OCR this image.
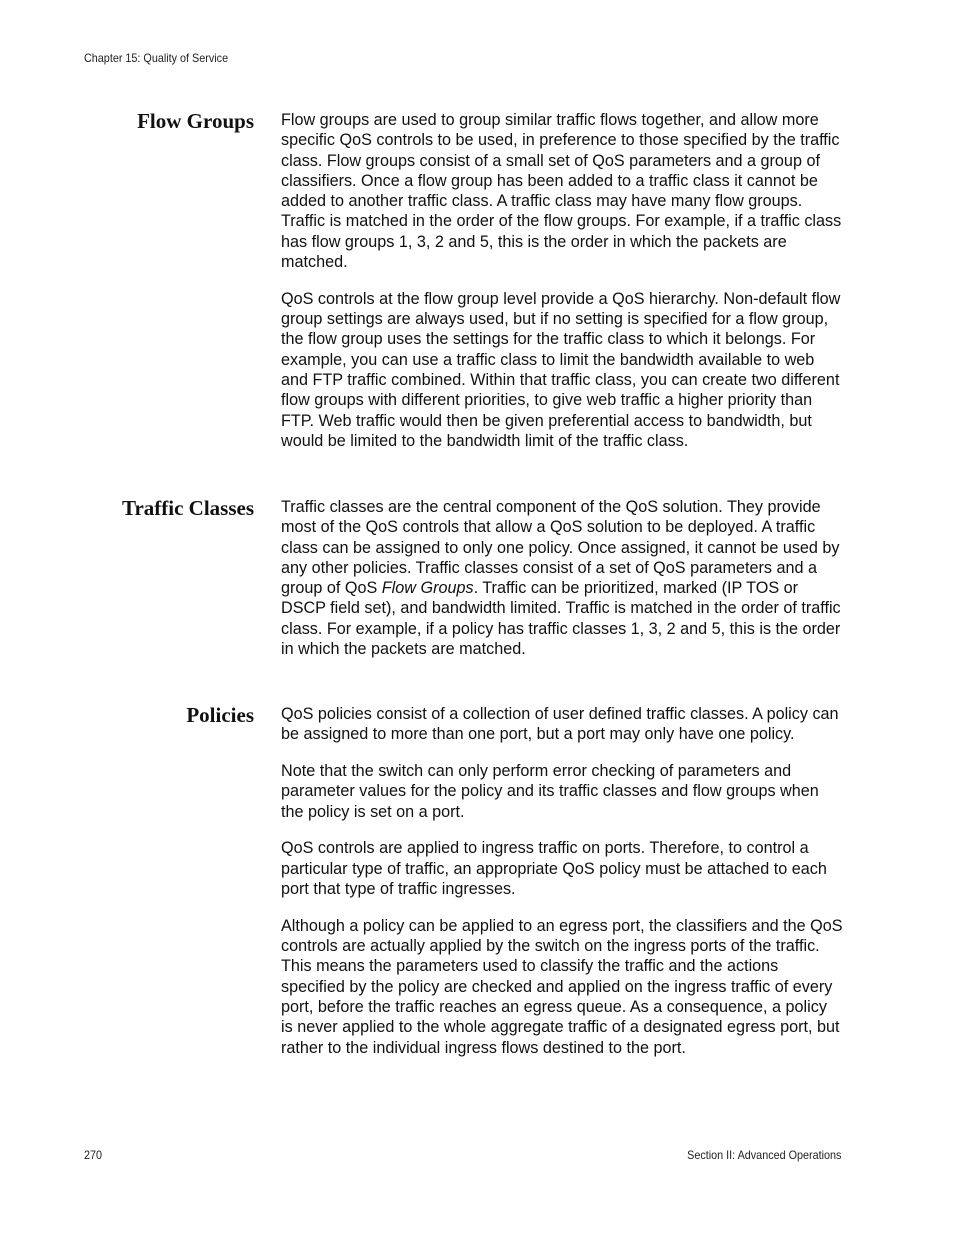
Chapter 15: Quality of Service
Flow Groups Flow groups are used to group similar traffic flows together, and allow more specific QoS controls to be used, in preference to those specified by the traffic class. Flow groups consist of a small set of QoS parameters and a group of classifiers. Once a flow group has been added to a traffic class it cannot be added to another traffic class. A traffic class may have many flow groups. Traffic is matched in the order of the flow groups. For example, if a traffic class has flow groups 1, 3, 2 and 5, this is the order in which the packets are matched.

QoS controls at the flow group level provide a QoS hierarchy. Non-default flow group settings are always used, but if no setting is specified for a flow group, the flow group uses the settings for the traffic class to which it belongs. For example, you can use a traffic class to limit the bandwidth available to web and FTP traffic combined. Within that traffic class, you can create two different flow groups with different priorities, to give web traffic a higher priority than FTP. Web traffic would then be given preferential access to bandwidth, but would be limited to the bandwidth limit of the traffic class.

Traffic Classes Traffic classes are the central component of the QoS solution. They provide most of the QoS controls that allow a QoS solution to be deployed. A traffic class can be assigned to only one policy. Once assigned, it cannot be used by any other policies. Traffic classes consist of a set of QoS parameters and a group of QoS Flow Groups. Traffic can be prioritized, marked (IP TOS or DSCP field set), and bandwidth limited. Traffic is matched in the order of traffic class. For example, if a policy has traffic classes 1, 3, 2 and 5, this is the order in which the packets are matched.

Policies QoS policies consist of a collection of user defined traffic classes. A policy can be assigned to more than one port, but a port may only have one policy.

Note that the switch can only perform error checking of parameters and parameter values for the policy and its traffic classes and flow groups when the policy is set on a port.

QoS controls are applied to ingress traffic on ports. Therefore, to control a particular type of traffic, an appropriate QoS policy must be attached to each port that type of traffic ingresses.

Although a policy can be applied to an egress port, the classifiers and the QoS controls are actually applied by the switch on the ingress ports of the traffic. This means the parameters used to classify the traffic and the actions specified by the policy are checked and applied on the ingress traffic of every port, before the traffic reaches an egress queue. As a consequence, a policy is never applied to the whole aggregate traffic of a designated egress port, but rather to the individual ingress flows destined to the port.

270	Section II: Advanced Operations
